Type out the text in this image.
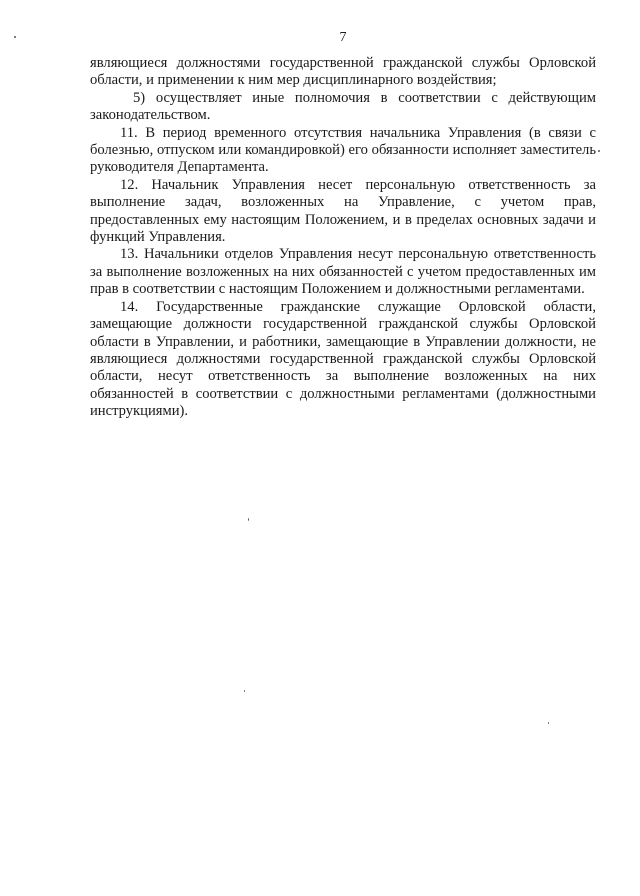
7

являющиеся должностями государственной гражданской службы Орловской области, и применении к ним мер дисциплинарного воздействия;

5) осуществляет иные полномочия в соответствии с действующим законодательством.

11. В период временного отсутствия начальника Управления (в связи с болезнью, отпуском или командировкой) его обязанности исполняет заместитель руководителя Департамента.

12. Начальник Управления несет персональную ответственность за выполнение задач, возложенных на Управление, с учетом прав, предоставленных ему настоящим Положением, и в пределах основных задачи и функций Управления.

13. Начальники отделов Управления несут персональную ответственность за выполнение возложенных на них обязанностей с учетом предоставленных им прав в соответствии с настоящим Положением и должностными регламентами.

14. Государственные гражданские служащие Орловской области, замещающие должности государственной гражданской службы Орловской области в Управлении, и работники, замещающие в Управлении должности, не являющиеся должностями государственной гражданской службы Орловской области, несут ответственность за выполнение возложенных на них обязанностей в соответствии с должностными регламентами (должностными инструкциями).
